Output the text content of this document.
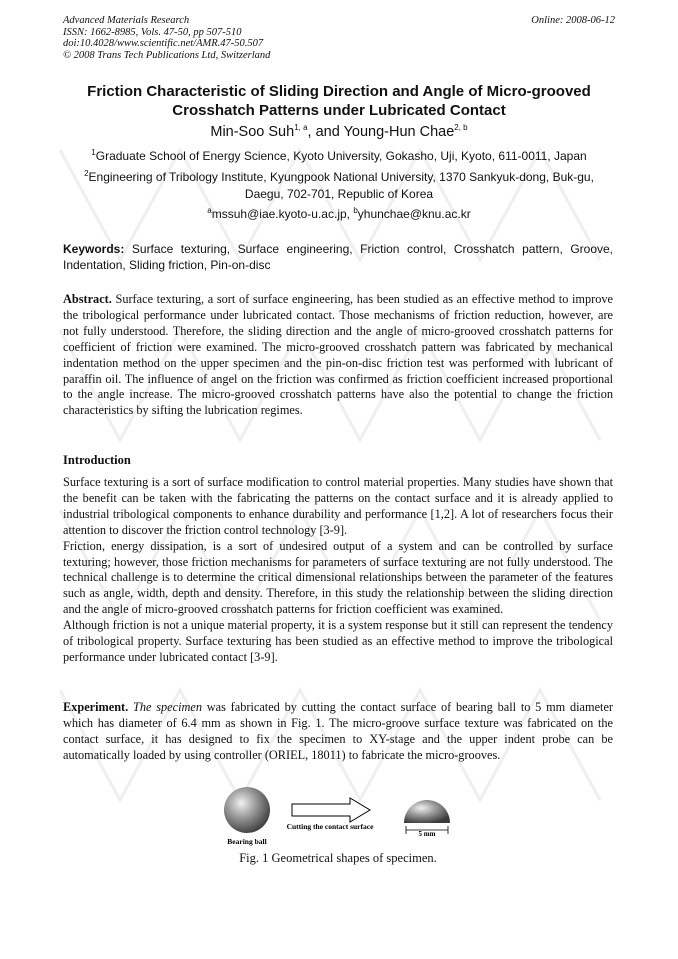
Advanced Materials Research
ISSN: 1662-8985, Vols. 47-50, pp 507-510
doi:10.4028/www.scientific.net/AMR.47-50.507
© 2008 Trans Tech Publications Ltd, Switzerland
Online: 2008-06-12
Friction Characteristic of Sliding Direction and Angle of Micro-grooved
Crosshatch Patterns under Lubricated Contact
Min-Soo Suh$^{1, a}$, and Young-Hun Chae$^{2, b}$
$^1$Graduate School of Energy Science, Kyoto University, Gokasho, Uji, Kyoto, 611-0011, Japan
$^2$Engineering of Tribology Institute, Kyungpook National University, 1370 Sankyuk-dong, Buk-gu,
Daegu, 702-701, Republic of Korea
$^a$mssuh@iae.kyoto-u.ac.jp, $^b$yhunchae@knu.ac.kr
Keywords: Surface texturing, Surface engineering, Friction control, Crosshatch pattern, Groove, Indentation, Sliding friction, Pin-on-disc
Abstract. Surface texturing, a sort of surface engineering, has been studied as an effective method to improve the tribological performance under lubricated contact. Those mechanisms of friction reduction, however, are not fully understood. Therefore, the sliding direction and the angle of micro-grooved crosshatch patterns for coefficient of friction were examined. The micro-grooved crosshatch pattern was fabricated by mechanical indentation method on the upper specimen and the pin-on-disc friction test was performed with lubricant of paraffin oil. The influence of angel on the friction was confirmed as friction coefficient increased proportional to the angle increase. The micro-grooved crosshatch patterns have also the potential to change the friction characteristics by sifting the lubrication regimes.
Introduction

Surface texturing is a sort of surface modification to control material properties. Many studies have shown that the benefit can be taken with the fabricating the patterns on the contact surface and it is already applied to industrial tribological components to enhance durability and performance [1,2]. A lot of researchers focus their attention to discover the friction control technology [3-9].

Friction, energy dissipation, is a sort of undesired output of a system and can be controlled by surface texturing; however, those friction mechanisms for parameters of surface texturing are not fully understood. The technical challenge is to determine the critical dimensional relationships between the parameter of the features such as angle, width, depth and density. Therefore, in this study the relationship between the sliding direction and the angle of micro-grooved crosshatch patterns for friction coefficient was examined.

Although friction is not a unique material property, it is a system response but it still can represent the tendency of tribological property. Surface texturing has been studied as an effective method to improve the tribological performance under lubricated contact [3-9].

Experiment. The specimen was fabricated by cutting the contact surface of bearing ball to 5 mm diameter which has diameter of 6.4 mm as shown in Fig. 1. The micro-groove surface texture was fabricated on the contact surface, it has designed to fix the specimen to XY-stage and the upper indent probe can be automatically loaded by using controller (ORIEL, 18011) to fabricate the micro-grooves.
5 mm
Cutting the contact surface
Bearing ball
Fig. 1 Geometrical shapes of specimen.
